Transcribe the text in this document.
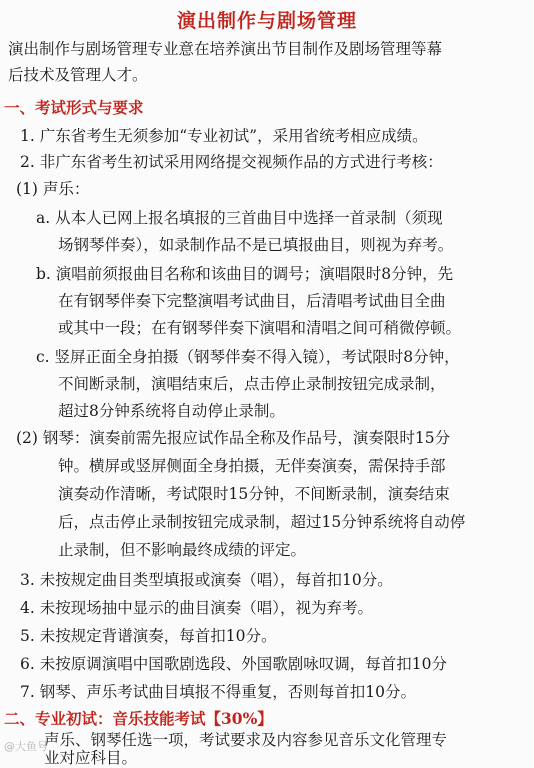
演出制作与剧场管理
演出制作与剧场管理专业意在培养演出节目制作及剧场管理等幕
后技术及管理人才。
一、考试形式与要求
1. 广东省考生无须参加“专业初试”，采用省统考相应成绩。
2. 非广东省考生初试采用网络提交视频作品的方式进行考核：
(1) 声乐：
a. 从本人已网上报名填报的三首曲目中选择一首录制（须现
场钢琴伴奏），如录制作品不是已填报曲目，则视为弃考。
b. 演唱前须报曲目名称和该曲目的调号；演唱限时8分钟，先
在有钢琴伴奏下完整演唱考试曲目，后清唱考试曲目全曲
或其中一段；在有钢琴伴奏下演唱和清唱之间可稍微停顿。
c. 竖屏正面全身拍摄（钢琴伴奏不得入镜），考试限时8分钟，
不间断录制，演唱结束后，点击停止录制按钮完成录制，
超过8分钟系统将自动停止录制。
(2) 钢琴：演奏前需先报应试作品全称及作品号，演奏限时15分
钟。横屏或竖屏侧面全身拍摄，无伴奏演奏，需保持手部
演奏动作清晰，考试限时15分钟，不间断录制，演奏结束
后，点击停止录制按钮完成录制，超过15分钟系统将自动停
止录制，但不影响最终成绩的评定。
3. 未按规定曲目类型填报或演奏（唱），每首扣10分。
4. 未按现场抽中显示的曲目演奏（唱），视为弃考。
5. 未按规定背谱演奏，每首扣10分。
6. 未按原调演唱中国歌剧选段、外国歌剧咏叹调，每首扣10分
7. 钢琴、声乐考试曲目填报不得重复，否则每首扣10分。
二、专业初试：音乐技能考试【30%】
声乐、钢琴任选一项，考试要求及内容参见音乐文化管理专
业对应科目。
@大鱼号
